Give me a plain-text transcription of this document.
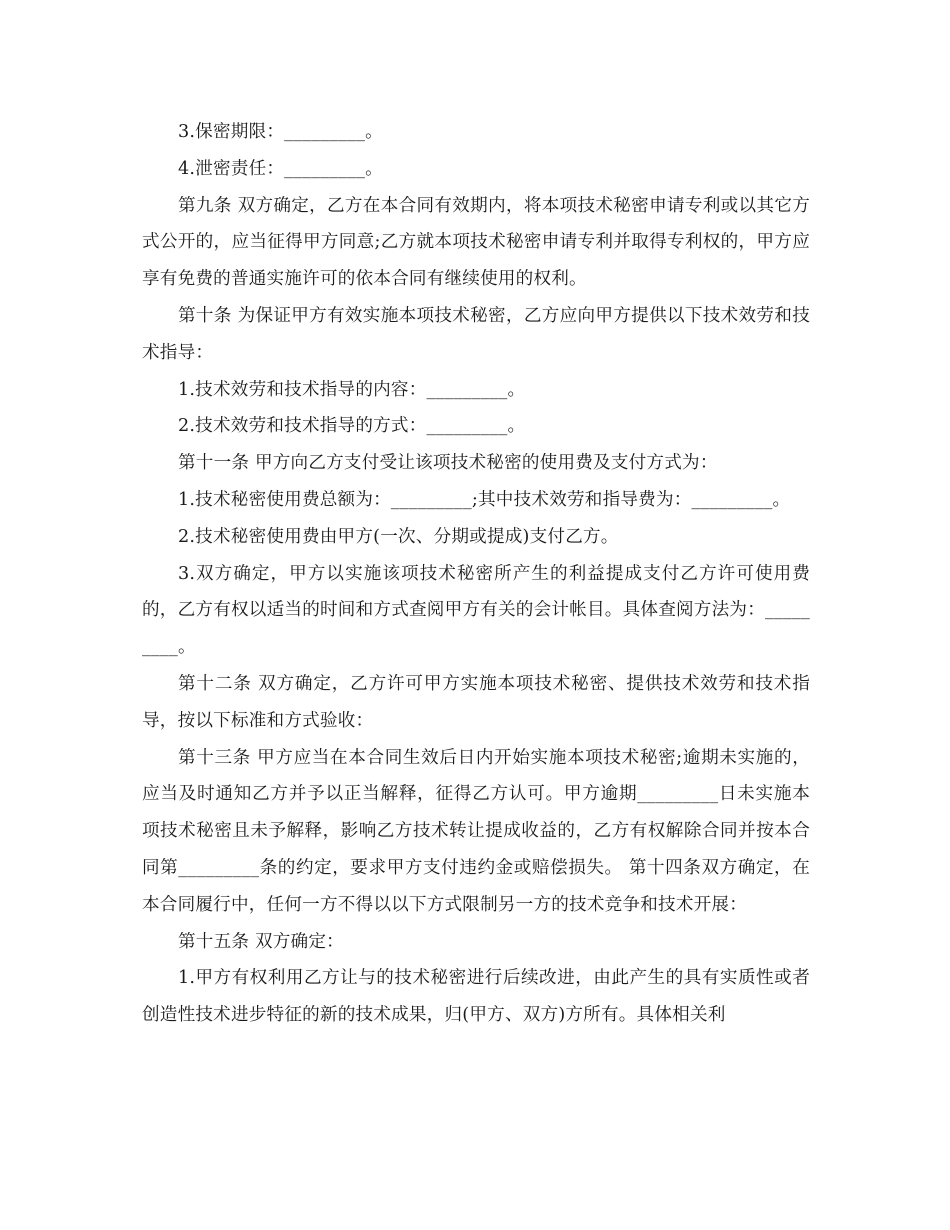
3.保密期限：_________。

4.泄密责任：_________。

第九条 双方确定，乙方在本合同有效期内，将本项技术秘密申请专利或以其它方式公开的，应当征得甲方同意;乙方就本项技术秘密申请专利并取得专利权的，甲方应享有免费的普通实施许可的依本合同有继续使用的权利。

第十条 为保证甲方有效实施本项技术秘密，乙方应向甲方提供以下技术效劳和技术指导：

1.技术效劳和技术指导的内容：_________。

2.技术效劳和技术指导的方式：_________。

第十一条 甲方向乙方支付受让该项技术秘密的使用费及支付方式为：

1.技术秘密使用费总额为：_________;其中技术效劳和指导费为：_________。

2.技术秘密使用费由甲方(一次、分期或提成)支付乙方。

3.双方确定，甲方以实施该项技术秘密所产生的利益提成支付乙方许可使用费的，乙方有权以适当的时间和方式查阅甲方有关的会计帐目。具体查阅方法为：_________。

第十二条 双方确定，乙方许可甲方实施本项技术秘密、提供技术效劳和技术指导，按以下标准和方式验收：

第十三条 甲方应当在本合同生效后日内开始实施本项技术秘密;逾期未实施的，应当及时通知乙方并予以正当解释，征得乙方认可。甲方逾期_________日未实施本项技术秘密且未予解释，影响乙方技术转让提成收益的，乙方有权解除合同并按本合同第_________条的约定，要求甲方支付违约金或赔偿损失。 第十四条双方确定，在本合同履行中，任何一方不得以以下方式限制另一方的技术竞争和技术开展：

第十五条 双方确定：

1.甲方有权利用乙方让与的技术秘密进行后续改进，由此产生的具有实质性或者创造性技术进步特征的新的技术成果，归(甲方、双方)方所有。具体相关利
